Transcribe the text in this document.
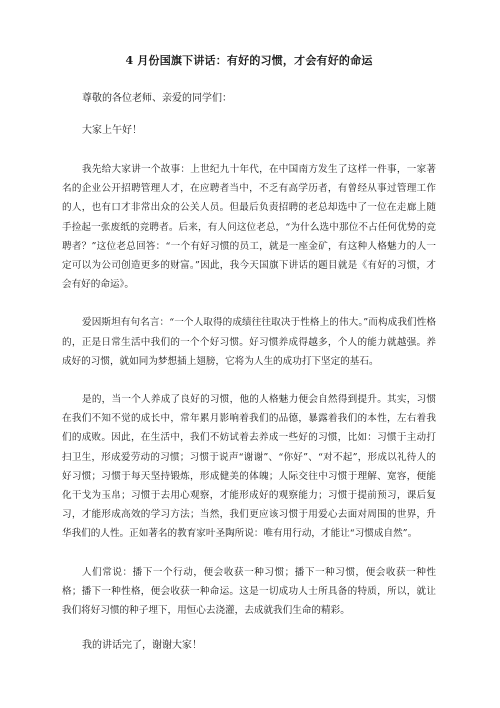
4 月份国旗下讲话：有好的习惯，才会有好的命运
尊敬的各位老师、亲爱的同学们：
大家上午好！

我先给大家讲一个故事：上世纪九十年代，在中国南方发生了这样一件事，一家著名的企业公开招聘管理人才，在应聘者当中，不乏有高学历者，有曾经从事过管理工作的人，也有口才非常出众的公关人员。但最后负责招聘的老总却选中了一位在走廊上随手捡起一张废纸的竞聘者。后来，有人问这位老总，“为什么选中那位不占任何优势的竞聘者？”这位老总回答：“一个有好习惯的员工，就是一座金矿，有这种人格魅力的人一定可以为公司创造更多的财富。”因此，我今天国旗下讲话的题目就是《有好的习惯，才会有好的命运》。

爱因斯坦有句名言：“一个人取得的成绩往往取决于性格上的伟大。”而构成我们性格的，正是日常生活中我们的一个个好习惯。好习惯养成得越多，个人的能力就越强。养成好的习惯，就如同为梦想插上翅膀，它将为人生的成功打下坚定的基石。

是的，当一个人养成了良好的习惯，他的人格魅力便会自然得到提升。其实，习惯在我们不知不觉的成长中，常年累月影响着我们的品德，暴露着我们的本性，左右着我们的成败。因此，在生活中，我们不妨试着去养成一些好的习惯，比如：习惯于主动打扫卫生，形成爱劳动的习惯；习惯于说声“谢谢”、“你好”、“对不起”，形成以礼待人的好习惯；习惯于每天坚持锻炼，形成健美的体魄；人际交往中习惯于理解、宽容，便能化干戈为玉帛；习惯于去用心观察，才能形成好的观察能力；习惯于提前预习，课后复习，才能形成高效的学习方法；当然，我们更应该习惯于用爱心去面对周围的世界，升华我们的人性。正如著名的教育家叶圣陶所说：唯有用行动，才能让“习惯成自然”。

人们常说：播下一个行动，便会收获一种习惯；播下一种习惯，便会收获一种性格；播下一种性格，便会收获一种命运。这是一切成功人士所具备的特质，所以，就让我们将好习惯的种子埋下，用恒心去浇灌，去成就我们生命的精彩。

我的讲话完了，谢谢大家！
